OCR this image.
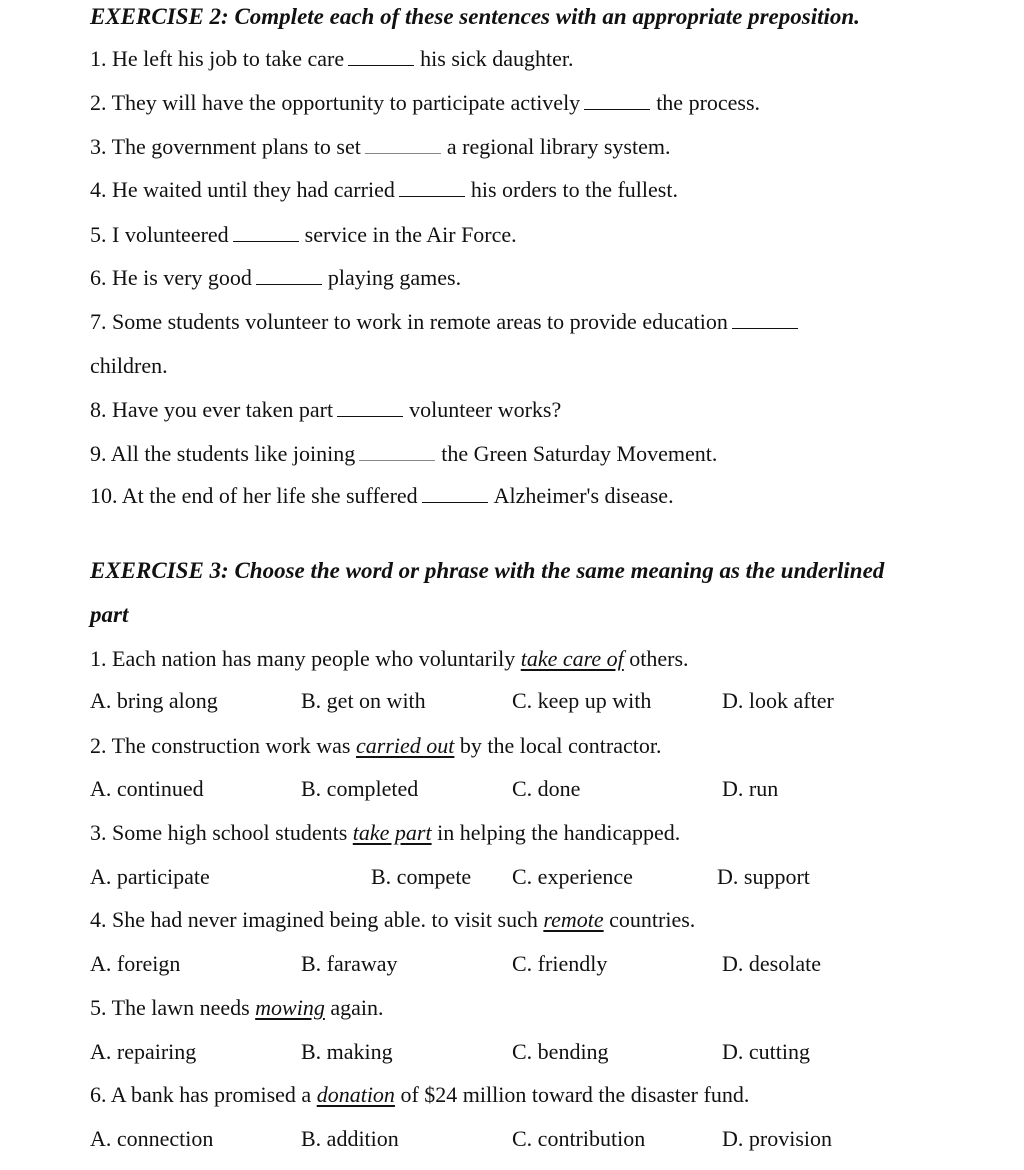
EXERCISE 2: Complete each of these sentences with an appropriate preposition.
1. He left his job to take care	his sick daughter.
2. They will have the opportunity to participate actively	the process.
3. The government plans to set	a regional library system.
4. He waited until they had carried	his orders to the fullest.
5. I volunteered	service in the Air Force.
6. He is very good	playing games.
7. Some students volunteer to work in remote areas to provide education
children.
8. Have you ever taken part	volunteer works?
9. All the students like joining	the Green Saturday Movement.
10. At the end of her life she suffered	Alzheimer's disease.
EXERCISE 3: Choose the word or phrase with the same meaning as the underlined
part
1. Each nation has many people who voluntarily take care of others.
A. bring along	B. get on with	C. keep up with	D. look after
2. The construction work was carried out by the local contractor.
A. continued	B. completed	C. done	D. run
3. Some high school students take part in helping the handicapped.
A. participate	B. compete C. experience	D. support
4. She had never imagined being able. to visit such remote countries.
A. foreign	B. faraway	C. friendly	D. desolate
5. The lawn needs mowing again.
A. repairing	B. making	C. bending	D. cutting
6. A bank has promised a donation of $24 million toward the disaster fund.
A. connection	B. addition	C. contribution	D. provision
